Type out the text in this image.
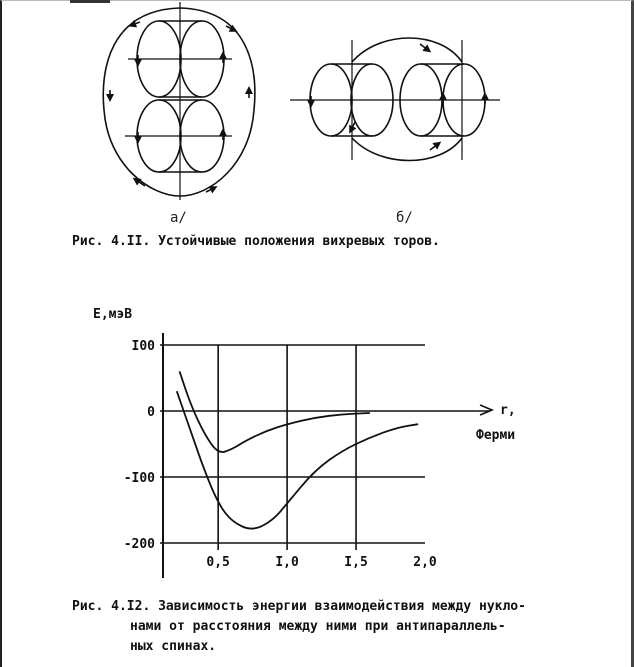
а/	б/
Рис. 4.II. Устойчивые положения вихревых торов.
I00
0
-I00
-200
0,5	I,0	I,5	2,0
Е,мэВ
r,
Ферми
Рис. 4.I2. Зависимость энергии взаимодействия между нукло-
нами от расстояния между ними при антипараллель-
ных спинах.
